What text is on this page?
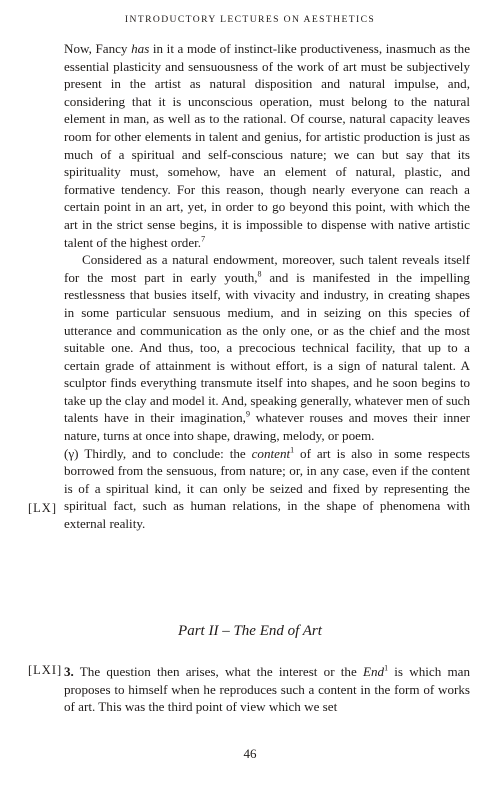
INTRODUCTORY LECTURES ON AESTHETICS

Now, Fancy has in it a mode of instinct-like productiveness, inasmuch as the essential plasticity and sensuousness of the work of art must be subjectively present in the artist as natural disposition and natural impulse, and, considering that it is unconscious operation, must belong to the natural element in man, as well as to the rational. Of course, natural capacity leaves room for other elements in talent and genius, for artistic production is just as much of a spiritual and self-conscious nature; we can but say that its spirituality must, somehow, have an element of natural, plastic, and formative tendency. For this reason, though nearly everyone can reach a certain point in an art, yet, in order to go beyond this point, with which the art in the strict sense begins, it is impossible to dispense with native artistic talent of the highest order.$^7$

Considered as a natural endowment, moreover, such talent reveals itself for the most part in early youth,$^8$ and is manifested in the impelling restlessness that busies itself, with vivacity and industry, in creating shapes in some particular sensuous medium, and in seizing on this species of utterance and communication as the only one, or as the chief and the most suitable one. And thus, too, a precocious technical facility, that up to a certain grade of attainment is without effort, is a sign of natural talent. A sculptor finds everything transmute itself into shapes, and he soon begins to take up the clay and model it. And, speaking generally, whatever men of such talents have in their imagination,$^9$ whatever rouses and moves their inner nature, turns at once into shape, drawing, melody, or poem.

(γ) Thirdly, and to conclude: the content$^1$ of art is also in some respects borrowed from the sensuous, from nature; or, in any case, even if the content is of a spiritual kind, it can only be seized and fixed by representing the spiritual fact, such as human relations, in the shape of phenomena with external reality.

[LX]
Part II – The End of Art
[LXI] 3. The question then arises, what the interest or the End$^1$ is which man proposes to himself when he reproduces such a content in the form of works of art. This was the third point of view which we set

46
